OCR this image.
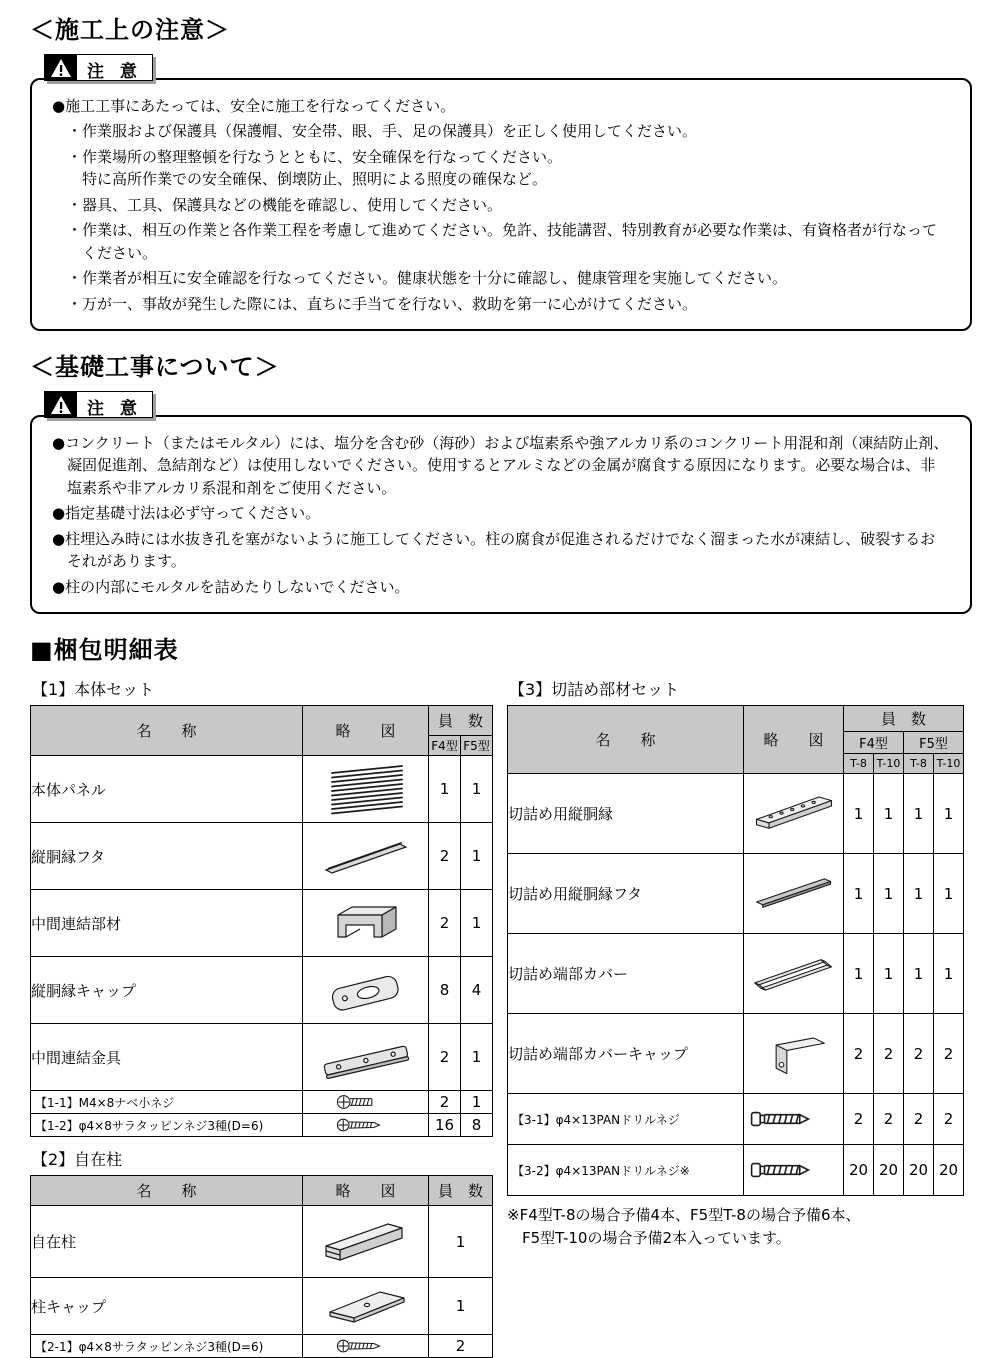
＜施工上の注意＞
注 意
●施工工事にあたっては、安全に施工を行なってください。
・作業服および保護具（保護帽、安全帯、眼、手、足の保護具）を正しく使用してください。
・作業場所の整理整頓を行なうとともに、安全確保を行なってください。
特に高所作業での安全確保、倒壊防止、照明による照度の確保など。
・器具、工具、保護具などの機能を確認し、使用してください。
・作業は、相互の作業と各作業工程を考慮して進めてください。免許、技能講習、特別教育が必要な作業は、有資格者が行なってください。
・作業者が相互に安全確認を行なってください。健康状態を十分に確認し、健康管理を実施してください。
・万が一、事故が発生した際には、直ちに手当てを行ない、救助を第一に心がけてください。
＜基礎工事について＞
注 意
●コンクリート（またはモルタル）には、塩分を含む砂（海砂）および塩素系や強アルカリ系のコンクリート用混和剤（凍結防止剤、凝固促進剤、急結剤など）は使用しないでください。使用するとアルミなどの金属が腐食する原因になります。必要な場合は、非塩素系や非アルカリ系混和剤をご使用ください。
●指定基礎寸法は必ず守ってください。
●柱埋込み時には水抜き孔を塞がないように施工してください。柱の腐食が促進されるだけでなく溜まった水が凍結し、破裂するおそれがあります。
●柱の内部にモルタルを詰めたりしないでください。
■梱包明細表
【1】本体セット
名　　称	略　　図	員　数	
		F4型	F5型
本体パネル		1	1
縦胴縁フタ		2	1
中間連結部材		2	1
縦胴縁キャップ		8	4
中間連結金具		2	1
【1-1】M4×8ナベ小ネジ		2	1
【1-2】φ4×8サラタッピンネジ3種(D=6)		16	8
【2】自在柱
名　　称	略　　図	員　数
自在柱		1
柱キャップ		1
【2-1】φ4×8サラタッピンネジ3種(D=6)		2
【3】切詰め部材セット
名　　称	略　　図	員　数			
		F4型		F5型	
		T-8	T-10	T-8	T-10
切詰め用縦胴縁		1	1	1	1
切詰め用縦胴縁フタ		1	1	1	1
切詰め端部カバー		1	1	1	1
切詰め端部カバーキャップ		2	2	2	2
【3-1】φ4×13PANドリルネジ		2	2	2	2
【3-2】φ4×13PANドリルネジ※		20	20	20	20
※F4型T-8の場合予備4本、F5型T-8の場合予備6本、
F5型T-10の場合予備2本入っています。
